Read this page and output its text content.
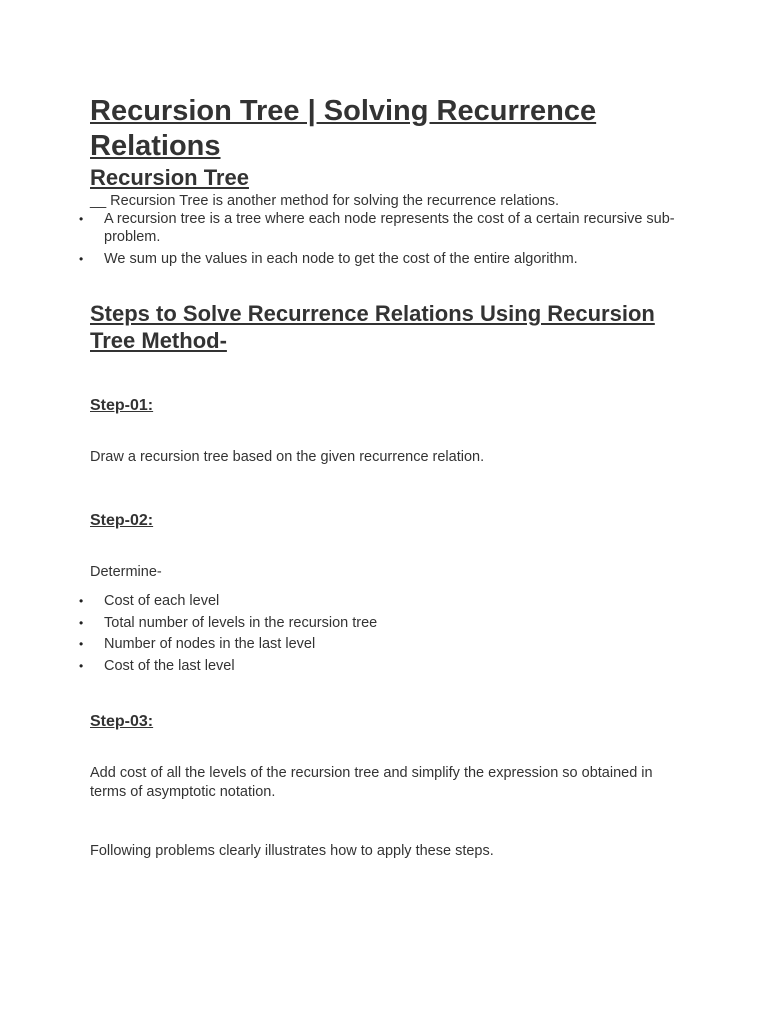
Recursion Tree | Solving Recurrence Relations
Recursion Tree

__ Recursion Tree is another method for solving the recurrence relations.

• A recursion tree is a tree where each node represents the cost of a certain recursive sub-problem.
• We sum up the values in each node to get the cost of the entire algorithm.
Steps to Solve Recurrence Relations Using Recursion Tree Method-
Step-01:

Draw a recursion tree based on the given recurrence relation.

Step-02:

Determine-

• Cost of each level
• Total number of levels in the recursion tree
• Number of nodes in the last level
• Cost of the last level
Step-03:

Add cost of all the levels of the recursion tree and simplify the expression so obtained in terms of asymptotic notation.

Following problems clearly illustrates how to apply these steps.
